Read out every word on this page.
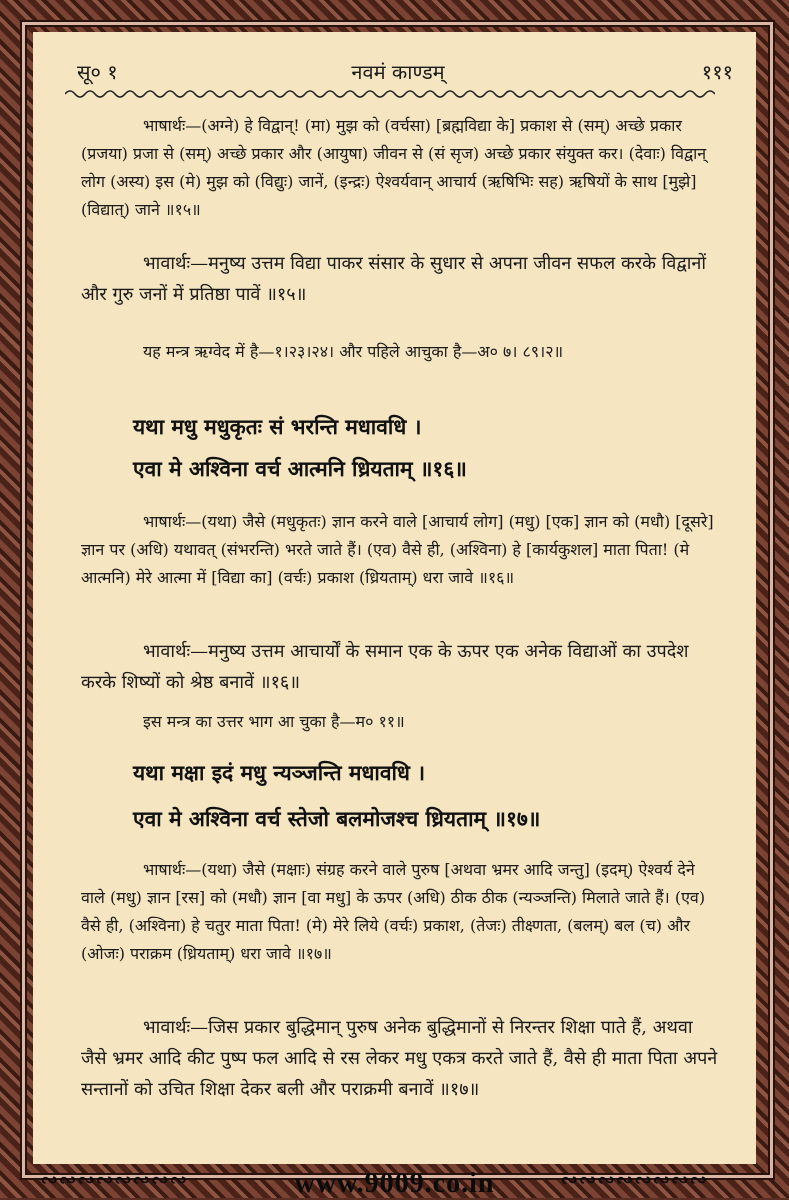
सू० १	नवमं काण्डम्	१११
भाषार्थः—(अग्ने) हे विद्वान्! (मा) मुझ को (वर्चसा) [ब्रह्मविद्या के] प्रकाश से (सम्) अच्छे प्रकार (प्रजया) प्रजा से (सम्) अच्छे प्रकार और (आयुषा) जीवन से (सं सृज) अच्छे प्रकार संयुक्त कर। (देवाः) विद्वान् लोग (अस्य) इस (मे) मुझ को (विद्युः) जानें, (इन्द्रः) ऐश्वर्यवान् आचार्य (ऋषिभिः सह) ऋषियों के साथ [मुझे] (विद्यात्) जाने ॥१५॥
भावार्थः—मनुष्य उत्तम विद्या पाकर संसार के सुधार से अपना जीवन सफल करके विद्वानों और गुरु जनों में प्रतिष्ठा पावें ॥१५॥
यह मन्त्र ऋग्वेद में है—१।२३।२४। और पहिले आचुका है—अ० ७। ८९।२॥
यथा मधु मधुकृतः सं भरन्ति मधावधि ।
एवा मे अश्विना वर्च आत्मनि ध्रियताम् ॥१६॥
भाषार्थः—(यथा) जैसे (मधुकृतः) ज्ञान करने वाले [आचार्य लोग] (मधु) [एक] ज्ञान को (मधौ) [दूसरे] ज्ञान पर (अधि) यथावत् (संभरन्ति) भरते जाते हैं। (एव) वैसे ही, (अश्विना) हे [कार्यकुशल] माता पिता! (मे आत्मनि) मेरे आत्मा में [विद्या का] (वर्चः) प्रकाश (ध्रियताम्) धरा जावे ॥१६॥
भावार्थः—मनुष्य उत्तम आचार्यों के समान एक के ऊपर एक अनेक विद्याओं का उपदेश करके शिष्यों को श्रेष्ठ बनावें ॥१६॥
इस मन्त्र का उत्तर भाग आ चुका है—म० ११॥
यथा मक्षा इदं मधु न्यञ्जन्ति मधावधि ।
एवा मे अश्विना वर्च स्तेजो बलमोजश्च ध्रियताम् ॥१७॥
भाषार्थः—(यथा) जैसे (मक्षाः) संग्रह करने वाले पुरुष [अथवा भ्रमर आदि जन्तु] (इदम्) ऐश्वर्य देने वाले (मधु) ज्ञान [रस] को (मधौ) ज्ञान [वा मधु] के ऊपर (अधि) ठीक ठीक (न्यञ्जन्ति) मिलाते जाते हैं। (एव) वैसे ही, (अश्विना) हे चतुर माता पिता! (मे) मेरे लिये (वर्चः) प्रकाश, (तेजः) तीक्ष्णता, (बलम्) बल (च) और (ओजः) पराक्रम (ध्रियताम्) धरा जावे ॥१७॥
भावार्थः—जिस प्रकार बुद्धिमान् पुरुष अनेक बुद्धिमानों से निरन्तर शिक्षा पाते हैं, अथवा जैसे भ्रमर आदि कीट पुष्प फल आदि से रस लेकर मधु एकत्र करते जाते हैं, वैसे ही माता पिता अपने सन्तानों को उचित शिक्षा देकर बली और पराक्रमी बनावें ॥१७॥
∾∾∾∾∾∾∾∾	∾∾∾∾∾∾∾∾
www.9009.co.in
